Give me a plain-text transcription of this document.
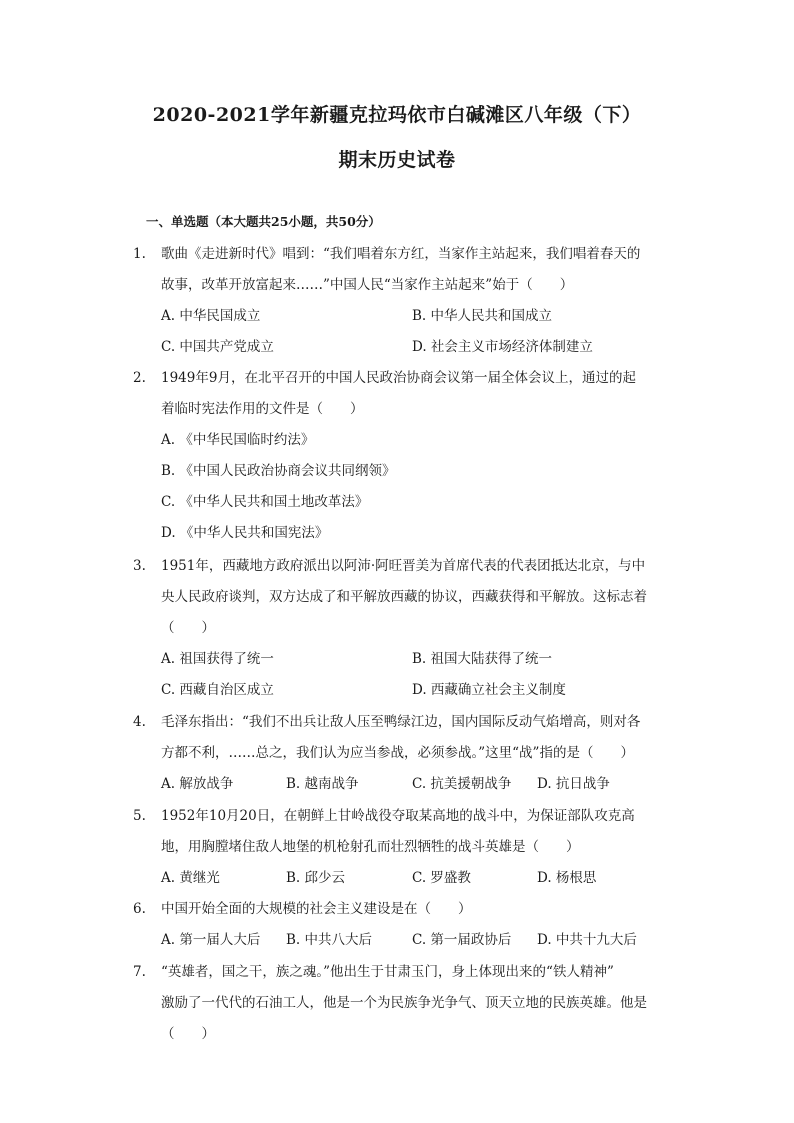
2020-2021学年新疆克拉玛依市白碱滩区八年级（下）
期末历史试卷
一、单选题（本大题共25小题，共50分）
1. 歌曲《走进新时代》唱到：“我们唱着东方红，当家作主站起来，我们唱着春天的
故事，改革开放富起来……”中国人民“当家作主站起来”始于（　　）
A. 中华民国成立	B. 中华人民共和国成立
C. 中国共产党成立	D. 社会主义市场经济体制建立
2. 1949年9月，在北平召开的中国人民政治协商会议第一届全体会议上，通过的起
着临时宪法作用的文件是（　　）
A. 《中华民国临时约法》
B. 《中国人民政治协商会议共同纲领》
C. 《中华人民共和国土地改革法》
D. 《中华人民共和国宪法》
3. 1951年，西藏地方政府派出以阿沛·阿旺晋美为首席代表的代表团抵达北京，与中
央人民政府谈判，双方达成了和平解放西藏的协议，西藏获得和平解放。这标志着
（　　）
A. 祖国获得了统一	B. 祖国大陆获得了统一
C. 西藏自治区成立	D. 西藏确立社会主义制度
4. 毛泽东指出：“我们不出兵让敌人压至鸭绿江边，国内国际反动气焰增高，则对各
方都不利，……总之，我们认为应当参战，必须参战。”这里“战”指的是（　　）
A. 解放战争	B. 越南战争	C. 抗美援朝战争 D. 抗日战争
5. 1952年10月20日，在朝鲜上甘岭战役夺取某高地的战斗中，为保证部队攻克高
地，用胸膛堵住敌人地堡的机枪射孔而壮烈牺牲的战斗英雄是（　　）
A. 黄继光	B. 邱少云	C. 罗盛教	D. 杨根思
6. 中国开始全面的大规模的社会主义建设是在（　　）
A. 第一届人大后 B. 中共八大后	C. 第一届政协后 D. 中共十九大后
7. “英雄者，国之干，族之魂。”他出生于甘肃玉门，身上体现出来的“铁人精神”
激励了一代代的石油工人，他是一个为民族争光争气、顶天立地的民族英雄。他是
（　　）
